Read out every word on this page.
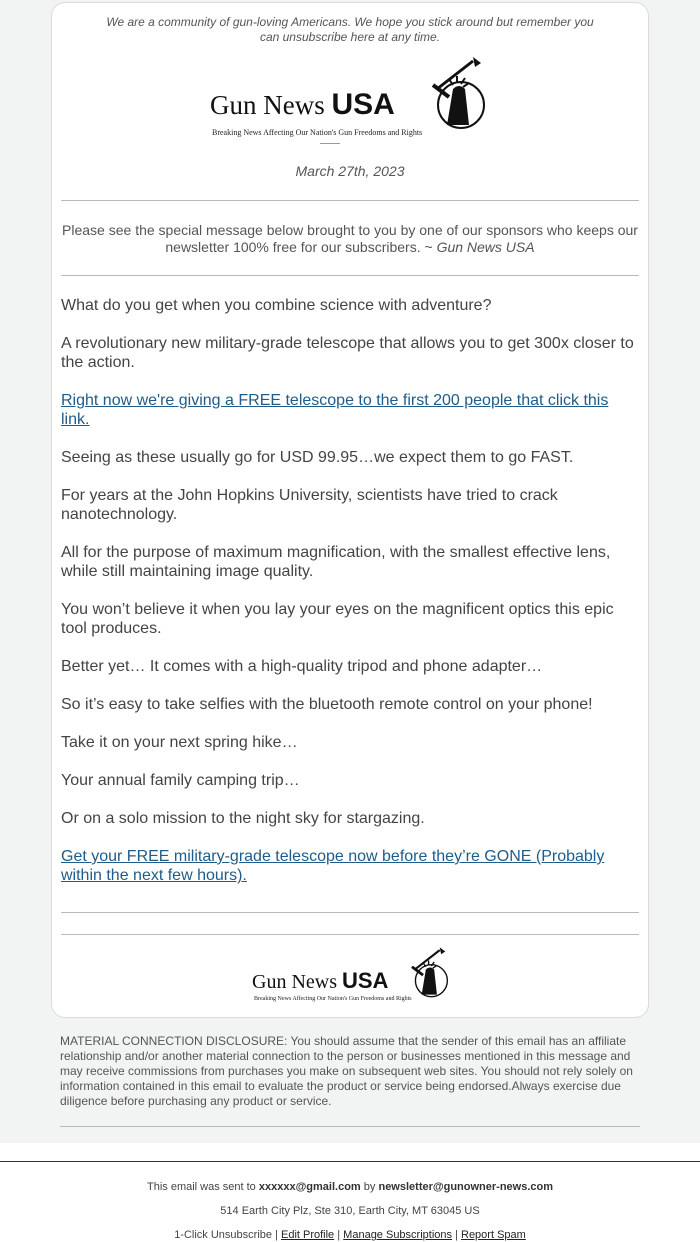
We are a community of gun-loving Americans. We hope you stick around but remember you can unsubscribe here at any time.
Gun News USA
Breaking News Affecting Our Nation's Gun Freedoms and Rights
March 27th, 2023
Please see the special message below brought to you by one of our sponsors who keeps our newsletter 100% free for our subscribers. ~ Gun News USA

What do you get when you combine science with adventure?

A revolutionary new military-grade telescope that allows you to get 300x closer to the action.

Right now we're giving a FREE telescope to the first 200 people that click this link.

Seeing as these usually go for USD 99.95…we expect them to go FAST.

For years at the John Hopkins University, scientists have tried to crack nanotechnology.

All for the purpose of maximum magnification, with the smallest effective lens, while still maintaining image quality.

You won’t believe it when you lay your eyes on the magnificent optics this epic tool produces.

Better yet… It comes with a high-quality tripod and phone adapter…

So it’s easy to take selfies with the bluetooth remote control on your phone!

Take it on your next spring hike…

Your annual family camping trip…

Or on a solo mission to the night sky for stargazing.

Get your FREE military-grade telescope now before they’re GONE (Probably within the next few hours).

Gun News USA
Breaking News Affecting Our Nation's Gun Freedoms and Rights
MATERIAL CONNECTION DISCLOSURE: You should assume that the sender of this email has an affiliate relationship and/or another material connection to the person or businesses mentioned in this message and may receive commissions from purchases you make on subsequent web sites. You should not rely solely on information contained in this email to evaluate the product or service being endorsed.Always exercise due diligence before purchasing any product or service.
This email was sent to xxxxxx@gmail.com by newsletter@gunowner-news.com
514 Earth City Plz, Ste 310, Earth City, MT 63045 US
1-Click Unsubscribe | Edit Profile | Manage Subscriptions | Report Spam
